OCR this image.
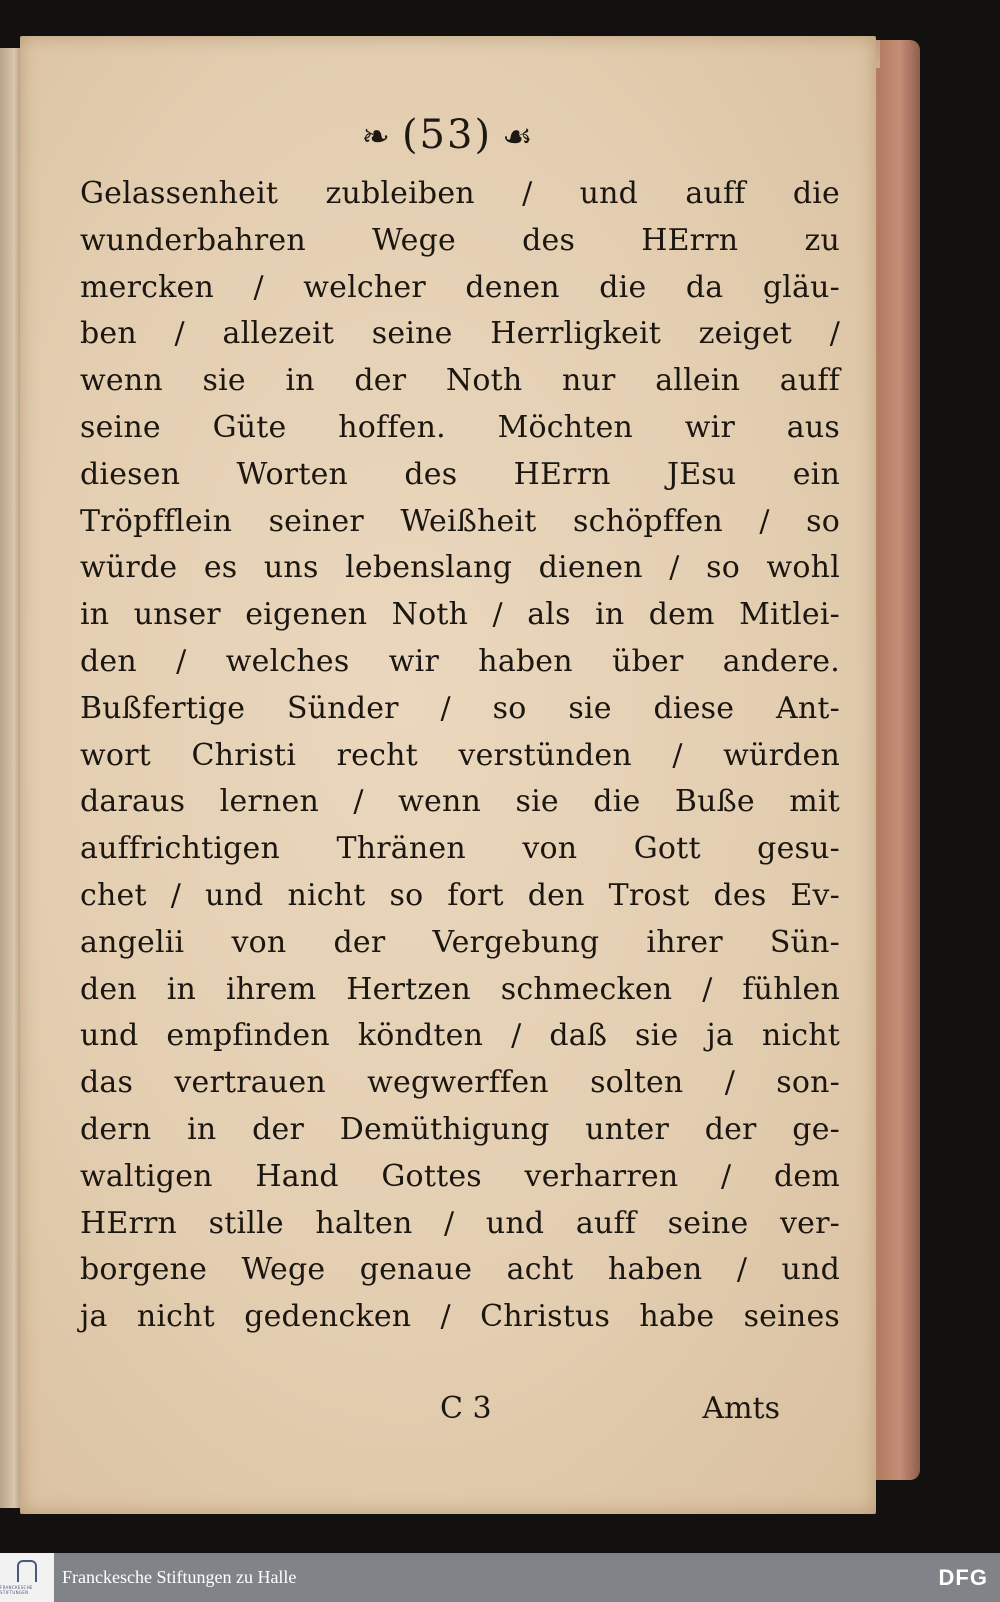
❧ (53) ☙
Gelassenheit zubleiben / und auff die
wunderbahren Wege des HErrn zu
mercken / welcher denen die da gläu-
ben / allezeit seine Herrligkeit zeiget /
wenn sie in der Noth nur allein auff
seine Güte hoffen. Möchten wir aus
diesen Worten des HErrn JEsu ein
Tröpfflein seiner Weißheit schöpffen / so
würde es uns lebenslang dienen / so wohl
in unser eigenen Noth / als in dem Mitlei-
den / welches wir haben über andere.
Bußfertige Sünder / so sie diese Ant-
wort Christi recht verstünden / würden
daraus lernen / wenn sie die Buße mit
auffrichtigen Thränen von Gott gesu-
chet / und nicht so fort den Trost des Ev-
angelii von der Vergebung ihrer Sün-
den in ihrem Hertzen schmecken / fühlen
und empfinden köndten / daß sie ja nicht
das vertrauen wegwerffen solten / son-
dern in der Demüthigung unter der ge-
waltigen Hand Gottes verharren / dem
HErrn stille halten / und auff seine ver-
borgene Wege genaue acht haben / und
ja nicht gedencken / Christus habe seines
C 3	Amts
FRANCKESCHE STIFTUNGEN
Franckesche Stiftungen zu Halle	DFG
